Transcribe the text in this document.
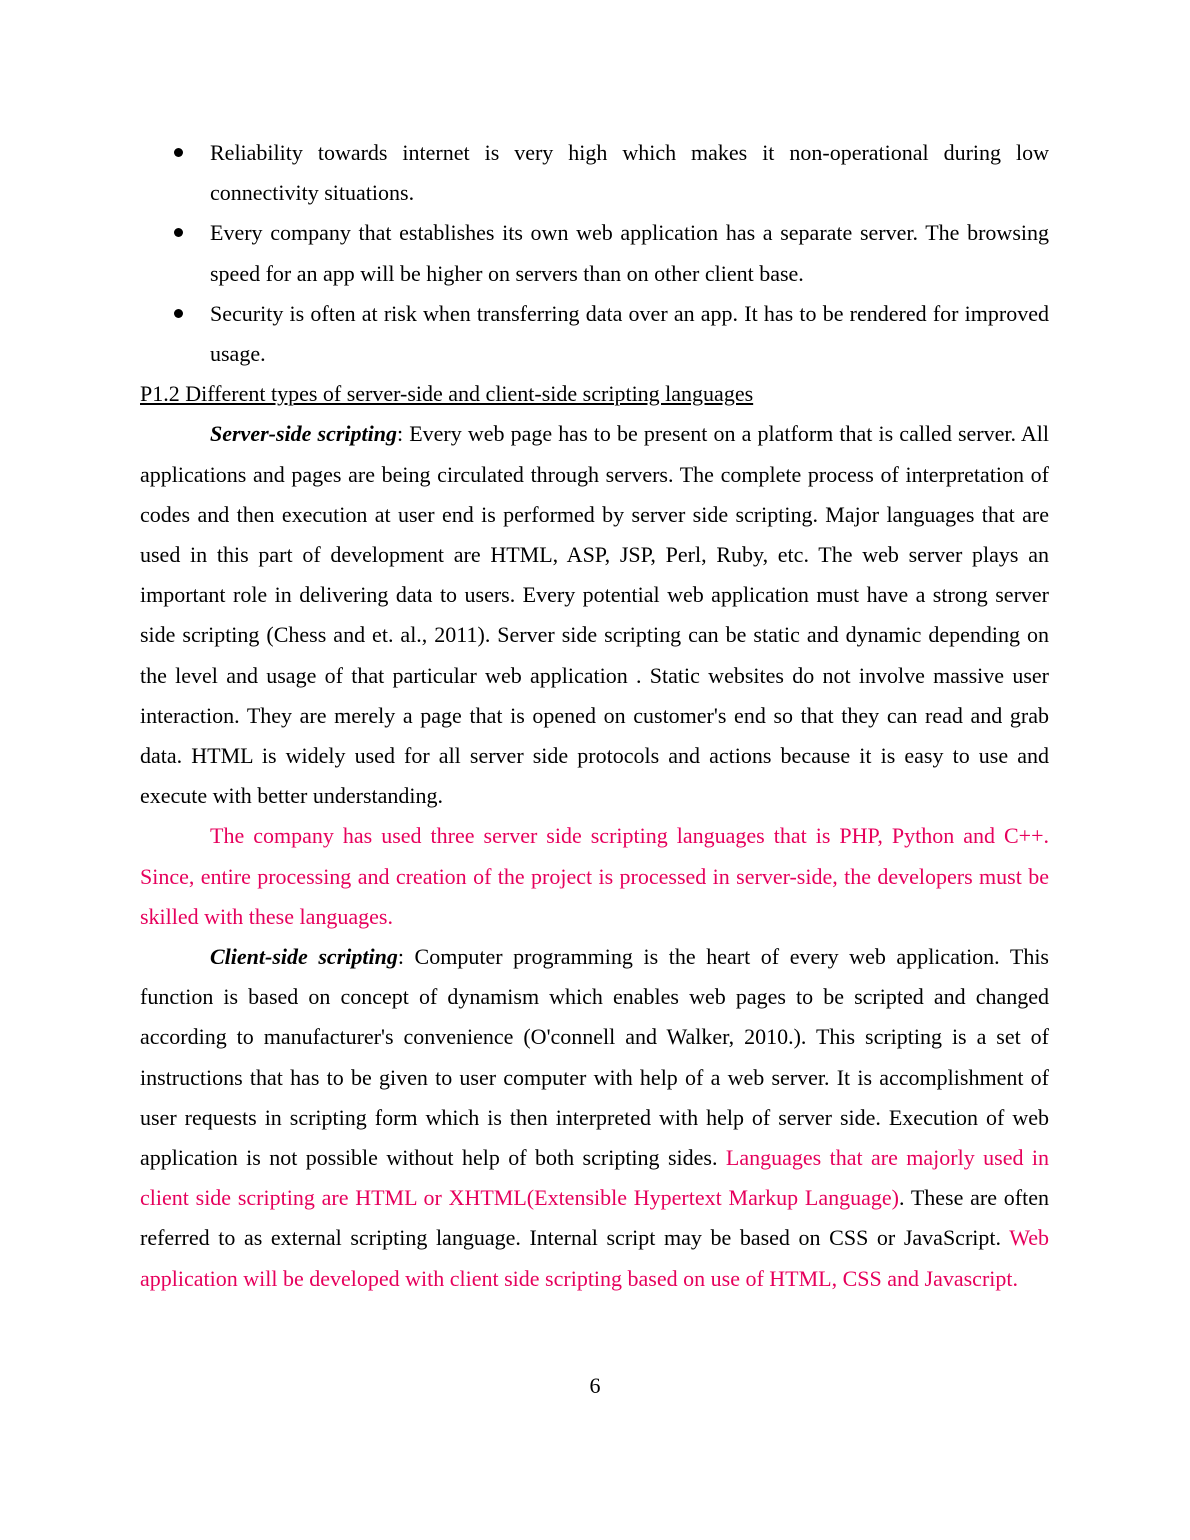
Reliability towards internet is very high which makes it non-operational during low connectivity situations.
Every company that establishes its own web application has a separate server. The browsing speed for an app will be higher on servers than on other client base.
Security is often at risk when transferring data over an app. It has to be rendered for improved usage.

P1.2 Different types of server-side and client-side scripting languages

Server-side scripting: Every web page has to be present on a platform that is called server. All applications and pages are being circulated through servers. The complete process of interpretation of codes and then execution at user end is performed by server side scripting. Major languages that are used in this part of development are HTML, ASP, JSP, Perl, Ruby, etc. The web server plays an important role in delivering data to users. Every potential web application must have a strong server side scripting (Chess and et. al., 2011). Server side scripting can be static and dynamic depending on the level and usage of that particular web application . Static websites do not involve massive user interaction. They are merely a page that is opened on customer's end so that they can read and grab data. HTML is widely used for all server side protocols and actions because it is easy to use and execute with better understanding.

The company has used three server side scripting languages that is PHP, Python and C++. Since, entire processing and creation of the project is processed in server-side, the developers must be skilled with these languages.

Client-side scripting: Computer programming is the heart of every web application. This function is based on concept of dynamism which enables web pages to be scripted and changed according to manufacturer's convenience (O'connell and Walker, 2010.). This scripting is a set of instructions that has to be given to user computer with help of a web server. It is accomplishment of user requests in scripting form which is then interpreted with help of server side. Execution of web application is not possible without help of both scripting sides. Languages that are majorly used in client side scripting are HTML or XHTML(Extensible Hypertext Markup Language). These are often referred to as external scripting language. Internal script may be based on CSS or JavaScript. Web application will be developed with client side scripting based on use of HTML, CSS and Javascript.

6
